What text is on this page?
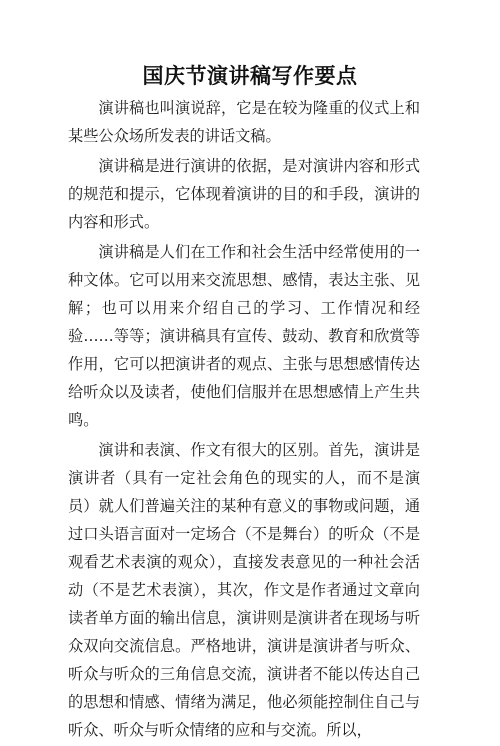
国庆节演讲稿写作要点

演讲稿也叫演说辞，它是在较为隆重的仪式上和某些公众场所发表的讲话文稿。

演讲稿是进行演讲的依据，是对演讲内容和形式的规范和提示，它体现着演讲的目的和手段，演讲的内容和形式。

演讲稿是人们在工作和社会生活中经常使用的一种文体。它可以用来交流思想、感情，表达主张、见解；也可以用来介绍自己的学习、工作情况和经验……等等；演讲稿具有宣传、鼓动、教育和欣赏等作用，它可以把演讲者的观点、主张与思想感情传达给听众以及读者，使他们信服并在思想感情上产生共鸣。

演讲和表演、作文有很大的区别。首先，演讲是演讲者（具有一定社会角色的现实的人，而不是演员）就人们普遍关注的某种有意义的事物或问题，通过口头语言面对一定场合（不是舞台）的听众（不是观看艺术表演的观众），直接发表意见的一种社会活动（不是艺术表演），其次，作文是作者通过文章向读者单方面的输出信息，演讲则是演讲者在现场与听众双向交流信息。严格地讲，演讲是演讲者与听众、听众与听众的三角信息交流，演讲者不能以传达自己的思想和情感、情绪为满足，他必须能控制住自己与听众、听众与听众情绪的应和与交流。所以，
